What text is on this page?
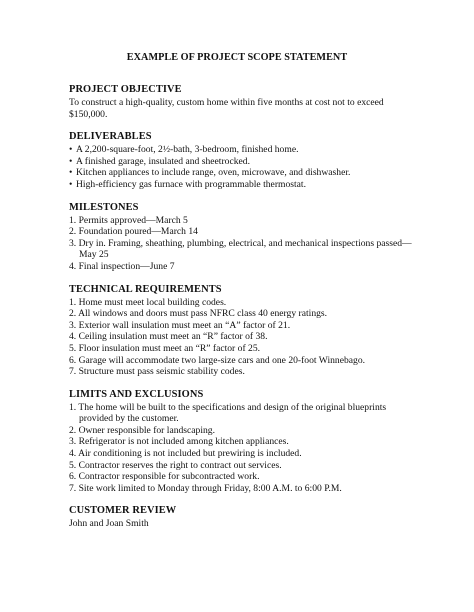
EXAMPLE OF PROJECT SCOPE STATEMENT
PROJECT OBJECTIVE
To construct a high-quality, custom home within five months at cost not to exceed $150,000.
DELIVERABLES
• A 2,200-square-foot, 2½-bath, 3-bedroom, finished home.
• A finished garage, insulated and sheetrocked.
• Kitchen appliances to include range, oven, microwave, and dishwasher.
• High-efficiency gas furnace with programmable thermostat.
MILESTONES
1. Permits approved—March 5
2. Foundation poured—March 14
3. Dry in. Framing, sheathing, plumbing, electrical, and mechanical inspections passed—May 25
4. Final inspection—June 7
TECHNICAL REQUIREMENTS
1. Home must meet local building codes.
2. All windows and doors must pass NFRC class 40 energy ratings.
3. Exterior wall insulation must meet an “A” factor of 21.
4. Ceiling insulation must meet an “R” factor of 38.
5. Floor insulation must meet an “R” factor of 25.
6. Garage will accommodate two large-size cars and one 20-foot Winnebago.
7. Structure must pass seismic stability codes.
LIMITS AND EXCLUSIONS
1. The home will be built to the specifications and design of the original blueprints provided by the customer.
2. Owner responsible for landscaping.
3. Refrigerator is not included among kitchen appliances.
4. Air conditioning is not included but prewiring is included.
5. Contractor reserves the right to contract out services.
6. Contractor responsible for subcontracted work.
7. Site work limited to Monday through Friday, 8:00 A.M. to 6:00 P.M.
CUSTOMER REVIEW
John and Joan Smith
